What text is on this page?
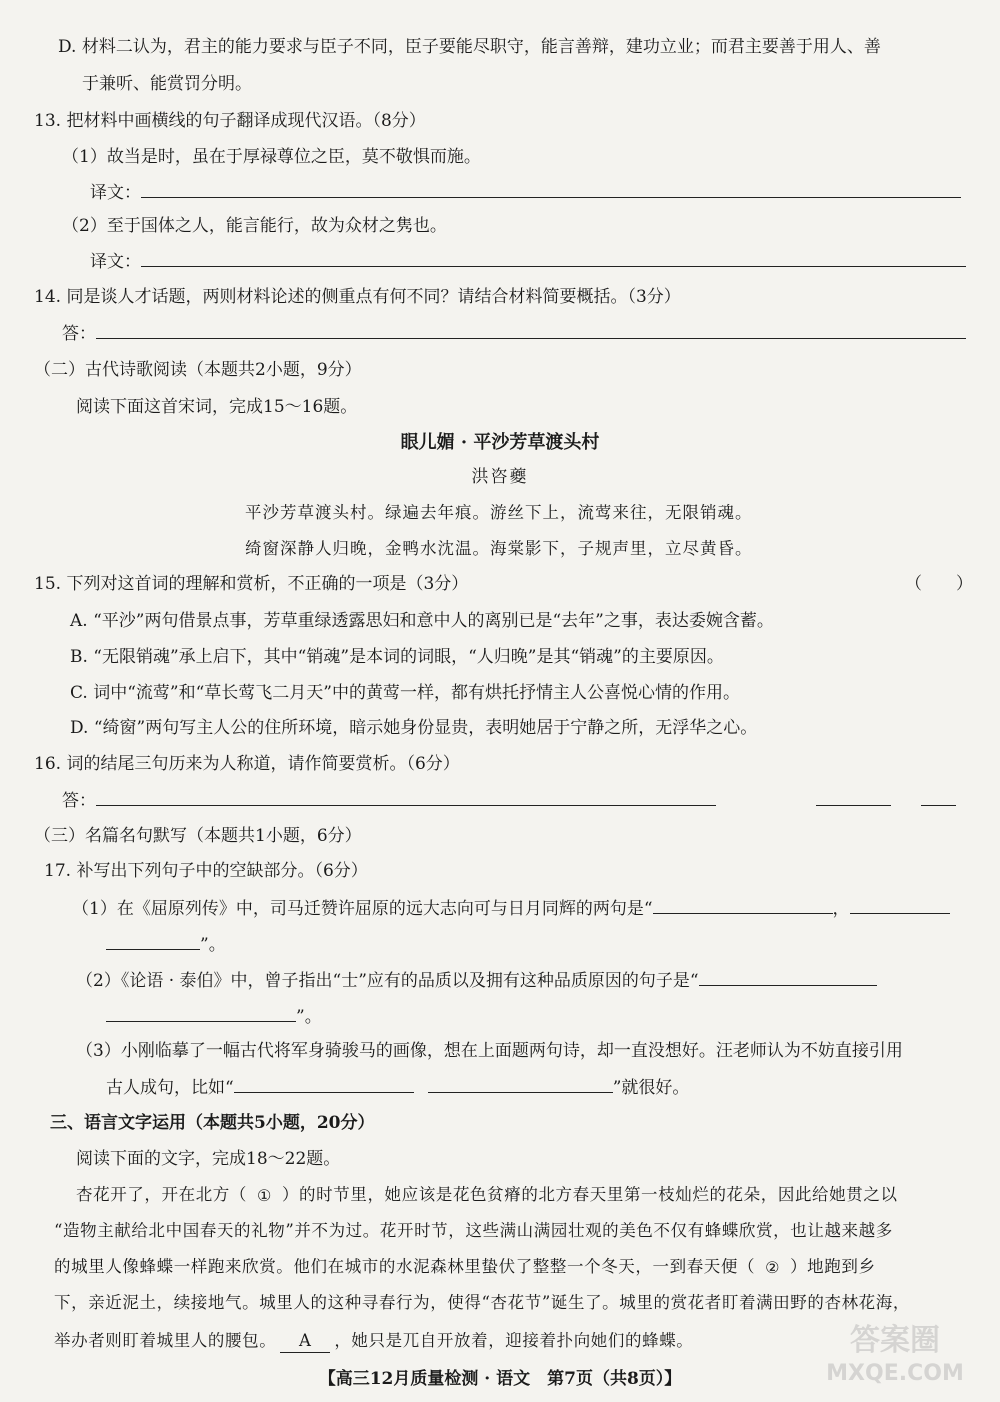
D. 材料二认为，君主的能力要求与臣子不同，臣子要能尽职守，能言善辩，建功立业；而君主要善于用人、善
于兼听、能赏罚分明。
13. 把材料中画横线的句子翻译成现代汉语。（8分）
（1）故当是时，虽在于厚禄尊位之臣，莫不敬惧而施。
译文：
（2）至于国体之人，能言能行，故为众材之隽也。
译文：
14. 同是谈人才话题，两则材料论述的侧重点有何不同？请结合材料简要概括。（3分）
答：
（二）古代诗歌阅读（本题共2小题，9分）
阅读下面这首宋词，完成15～16题。
眼儿媚 · 平沙芳草渡头村
洪咨夔
平沙芳草渡头村。绿遍去年痕。游丝下上，流莺来往，无限销魂。
绮窗深静人归晚，金鸭水沈温。海棠影下，子规声里，立尽黄昏。
15. 下列对这首词的理解和赏析，不正确的一项是（3分）	（　　）
A. “平沙”两句借景点事，芳草重绿透露思妇和意中人的离别已是“去年”之事，表达委婉含蓄。
B. “无限销魂”承上启下，其中“销魂”是本词的词眼，“人归晚”是其“销魂”的主要原因。
C. 词中“流莺”和“草长莺飞二月天”中的黄莺一样，都有烘托抒情主人公喜悦心情的作用。
D. “绮窗”两句写主人公的住所环境，暗示她身份显贵，表明她居于宁静之所，无浮华之心。
16. 词的结尾三句历来为人称道，请作简要赏析。（6分）
答：
（三）名篇名句默写（本题共1小题，6分）
17. 补写出下列句子中的空缺部分。（6分）
（1）在《屈原列传》中，司马迁赞许屈原的远大志向可与日月同辉的两句是“	，
”。
（2）《论语 · 泰伯》中，曾子指出“士”应有的品质以及拥有这种品质原因的句子是“
”。
（3）小刚临摹了一幅古代将军身骑骏马的画像，想在上面题两句诗，却一直没想好。汪老师认为不妨直接引用
古人成句，比如“	”就很好。
三、语言文字运用（本题共5小题，20分）
阅读下面的文字，完成18～22题。
杏花开了，开在北方（ ① ）的时节里，她应该是花色贫瘠的北方春天里第一枝灿烂的花朵，因此给她贯之以
“造物主献给北中国春天的礼物”并不为过。花开时节，这些满山满园壮观的美色不仅有蜂蝶欣赏，也让越来越多
的城里人像蜂蝶一样跑来欣赏。他们在城市的水泥森林里蛰伏了整整一个冬天，一到春天便（ ② ）地跑到乡
下，亲近泥土，续接地气。城里人的这种寻春行为，使得“杏花节”诞生了。城里的赏花者盯着满田野的杏林花海，
举办者则盯着城里人的腰包。 A ，她只是兀自开放着，迎接着扑向她们的蜂蝶。
【高三12月质量检测 · 语文　第7页（共8页）】
答案圈
MXQE.COM
